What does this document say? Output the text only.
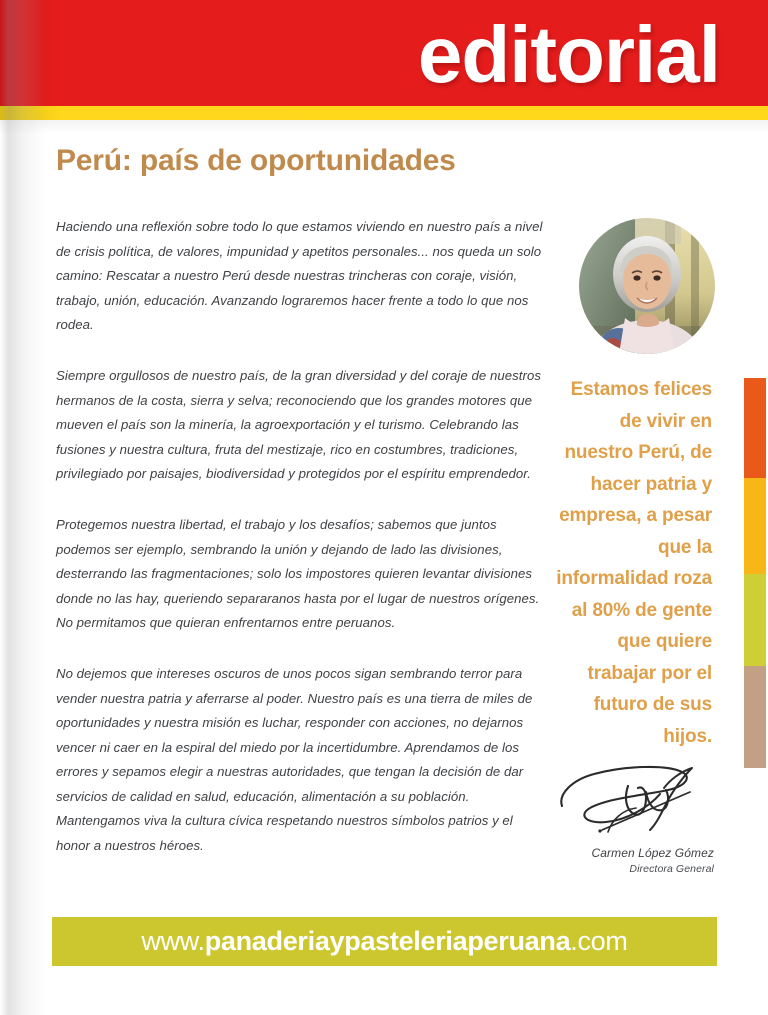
editorial
Perú: país de oportunidades

Haciendo una reflexión sobre todo lo que estamos viviendo en nuestro país a nivel de crisis política, de valores, impunidad y apetitos personales... nos queda un solo camino: Rescatar a nuestro Perú desde nuestras trincheras con coraje, visión, trabajo, unión, educación. Avanzando lograremos hacer frente a todo lo que nos rodea.

Siempre orgullosos de nuestro país, de la gran diversidad y del coraje de nuestros hermanos de la costa, sierra y selva; reconociendo que los grandes motores que mueven el país son la minería, la agroexportación y el turismo. Celebrando las fusiones y nuestra cultura, fruta del mestizaje, rico en costumbres, tradiciones, privilegiado por paisajes, biodiversidad y protegidos por el espíritu emprendedor.

Protegemos nuestra libertad, el trabajo y los desafíos; sabemos que juntos podemos ser ejemplo, sembrando la unión y dejando de lado las divisiones, desterrando las fragmentaciones; solo los impostores quieren levantar divisiones donde no las hay, queriendo separaranos hasta por el lugar de nuestros orígenes. No permitamos que quieran enfrentarnos entre peruanos.

No dejemos que intereses oscuros de unos pocos sigan sembrando terror para vender nuestra patria y aferrarse al poder. Nuestro país es una tierra de miles de oportunidades y nuestra misión es luchar, responder con acciones, no dejarnos vencer ni caer en la espiral del miedo por la incertidumbre. Aprendamos de los errores y sepamos elegir a nuestras autoridades, que tengan la decisión de dar servicios de calidad en salud, educación, alimentación a su población. Mantengamos viva la cultura cívica respetando nuestros símbolos patrios y el honor a nuestros héroes.

Estamos felices de vivir en nuestro Perú, de hacer patria y empresa, a pesar que la informalidad roza al 80% de gente que quiere trabajar por el futuro de sus hijos.
Carmen López Gómez
Directora General
www.panaderiaypasteleriaperuana.com
